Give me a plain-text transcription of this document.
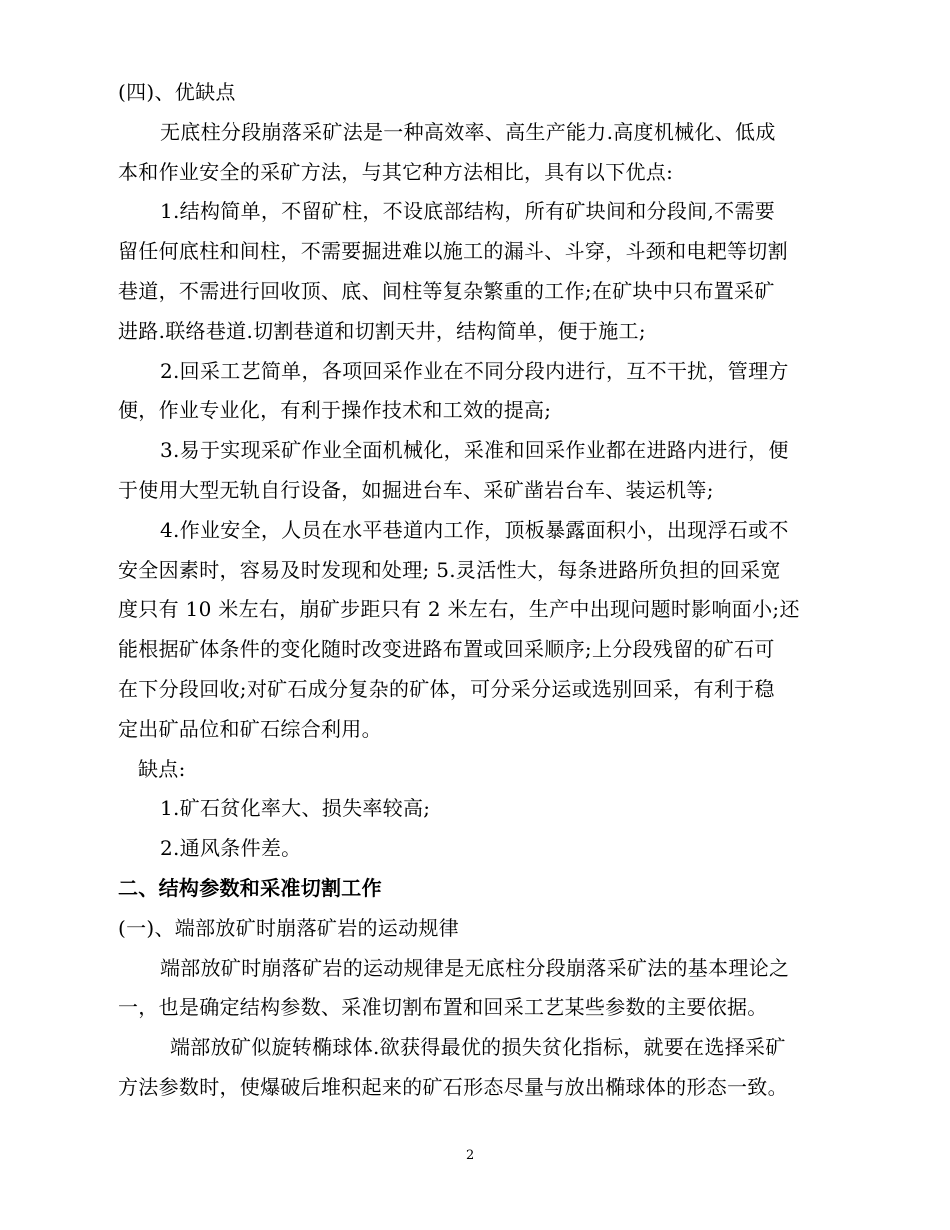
(四)、优缺点
无底柱分段崩落采矿法是一种高效率、高生产能力.高度机械化、低成
本和作业安全的采矿方法，与其它种方法相比，具有以下优点:
1.结构简单，不留矿柱，不设底部结构，所有矿块间和分段间,不需要
留任何底柱和间柱，不需要掘进难以施工的漏斗、斗穿，斗颈和电耙等切割
巷道，不需进行回收顶、底、间柱等复杂繁重的工作;在矿块中只布置采矿
进路.联络巷道.切割巷道和切割天井，结构简单，便于施工;
2.回采工艺简单，各项回采作业在不同分段内进行，互不干扰，管理方
便，作业专业化，有利于操作技术和工效的提高;
3.易于实现采矿作业全面机械化，采准和回采作业都在进路内进行，便
于使用大型无轨自行设备，如掘进台车、采矿凿岩台车、装运机等;
4.作业安全，人员在水平巷道内工作，顶板暴露面积小，出现浮石或不
安全因素时，容易及时发现和处理; 5.灵活性大，每条进路所负担的回采宽
度只有 10 米左右，崩矿步距只有 2 米左右，生产中出现问题时影响面小;还
能根据矿体条件的变化随时改变进路布置或回采顺序;上分段残留的矿石可
在下分段回收;对矿石成分复杂的矿体，可分采分运或选别回采，有利于稳
定出矿品位和矿石综合利用。
缺点:
1.矿石贫化率大、损失率较高;
2.通风条件差。
二、结构参数和采准切割工作
(一)、端部放矿时崩落矿岩的运动规律
端部放矿时崩落矿岩的运动规律是无底柱分段崩落采矿法的基本理论之
一，也是确定结构参数、采准切割布置和回采工艺某些参数的主要依据。
端部放矿似旋转椭球体.欲获得最优的损失贫化指标，就要在选择采矿
方法参数时，使爆破后堆积起来的矿石形态尽量与放出椭球体的形态一致。
2
